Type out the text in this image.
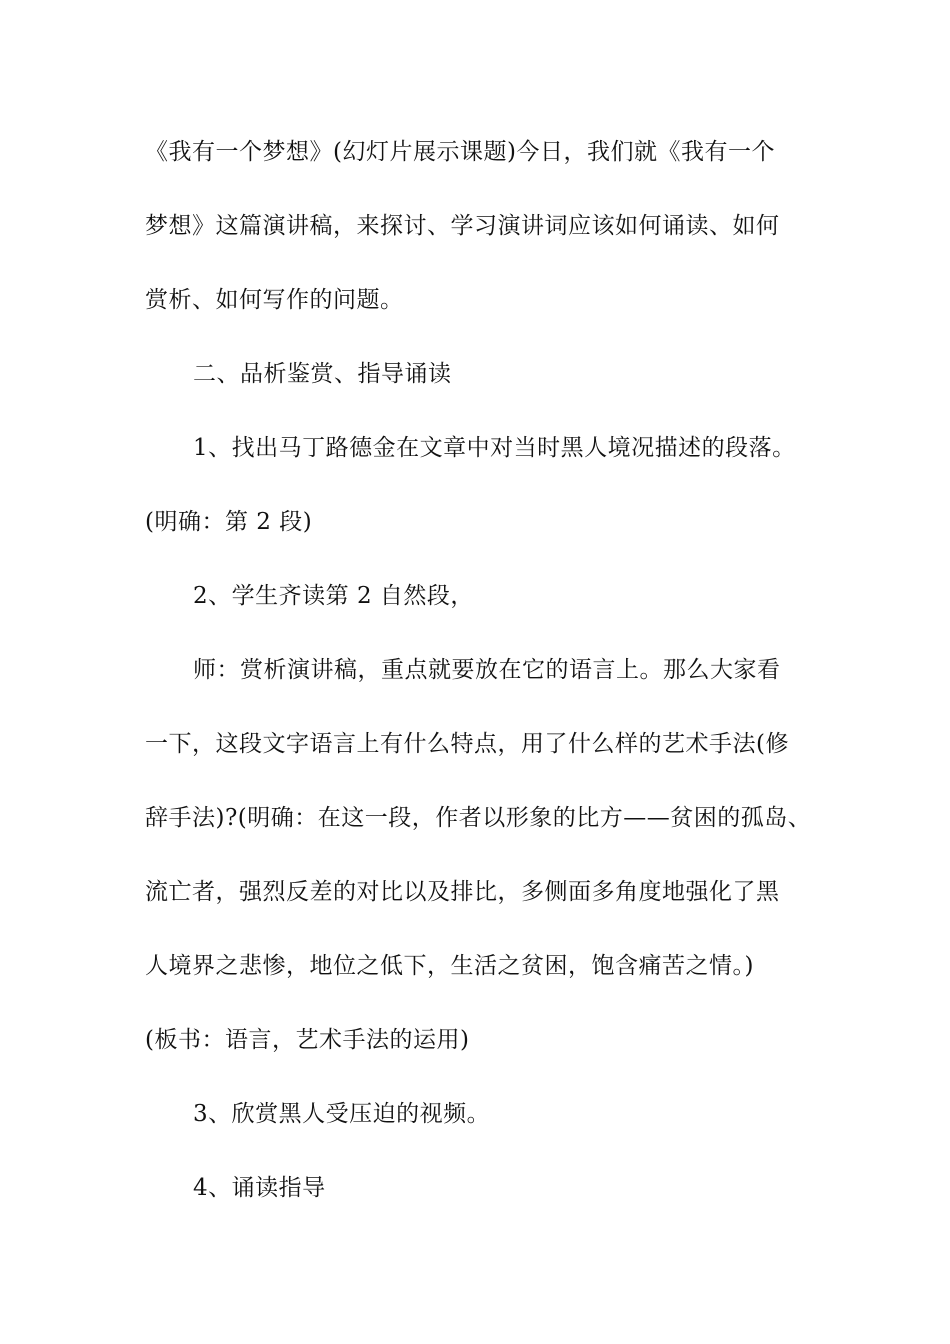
《我有一个梦想》(幻灯片展示课题)今日，我们就《我有一个
梦想》这篇演讲稿，来探讨、学习演讲词应该如何诵读、如何
赏析、如何写作的问题。
二、品析鉴赏、指导诵读
1、找出马丁路德金在文章中对当时黑人境况描述的段落。
(明确：第 2 段)
2、学生齐读第 2 自然段，
师：赏析演讲稿，重点就要放在它的语言上。那么大家看
一下，这段文字语言上有什么特点，用了什么样的艺术手法(修
辞手法)?(明确：在这一段，作者以形象的比方——贫困的孤岛、
流亡者，强烈反差的对比以及排比，多侧面多角度地强化了黑
人境界之悲惨，地位之低下，生活之贫困，饱含痛苦之情。)
(板书：语言，艺术手法的运用)
3、欣赏黑人受压迫的视频。
4、诵读指导
